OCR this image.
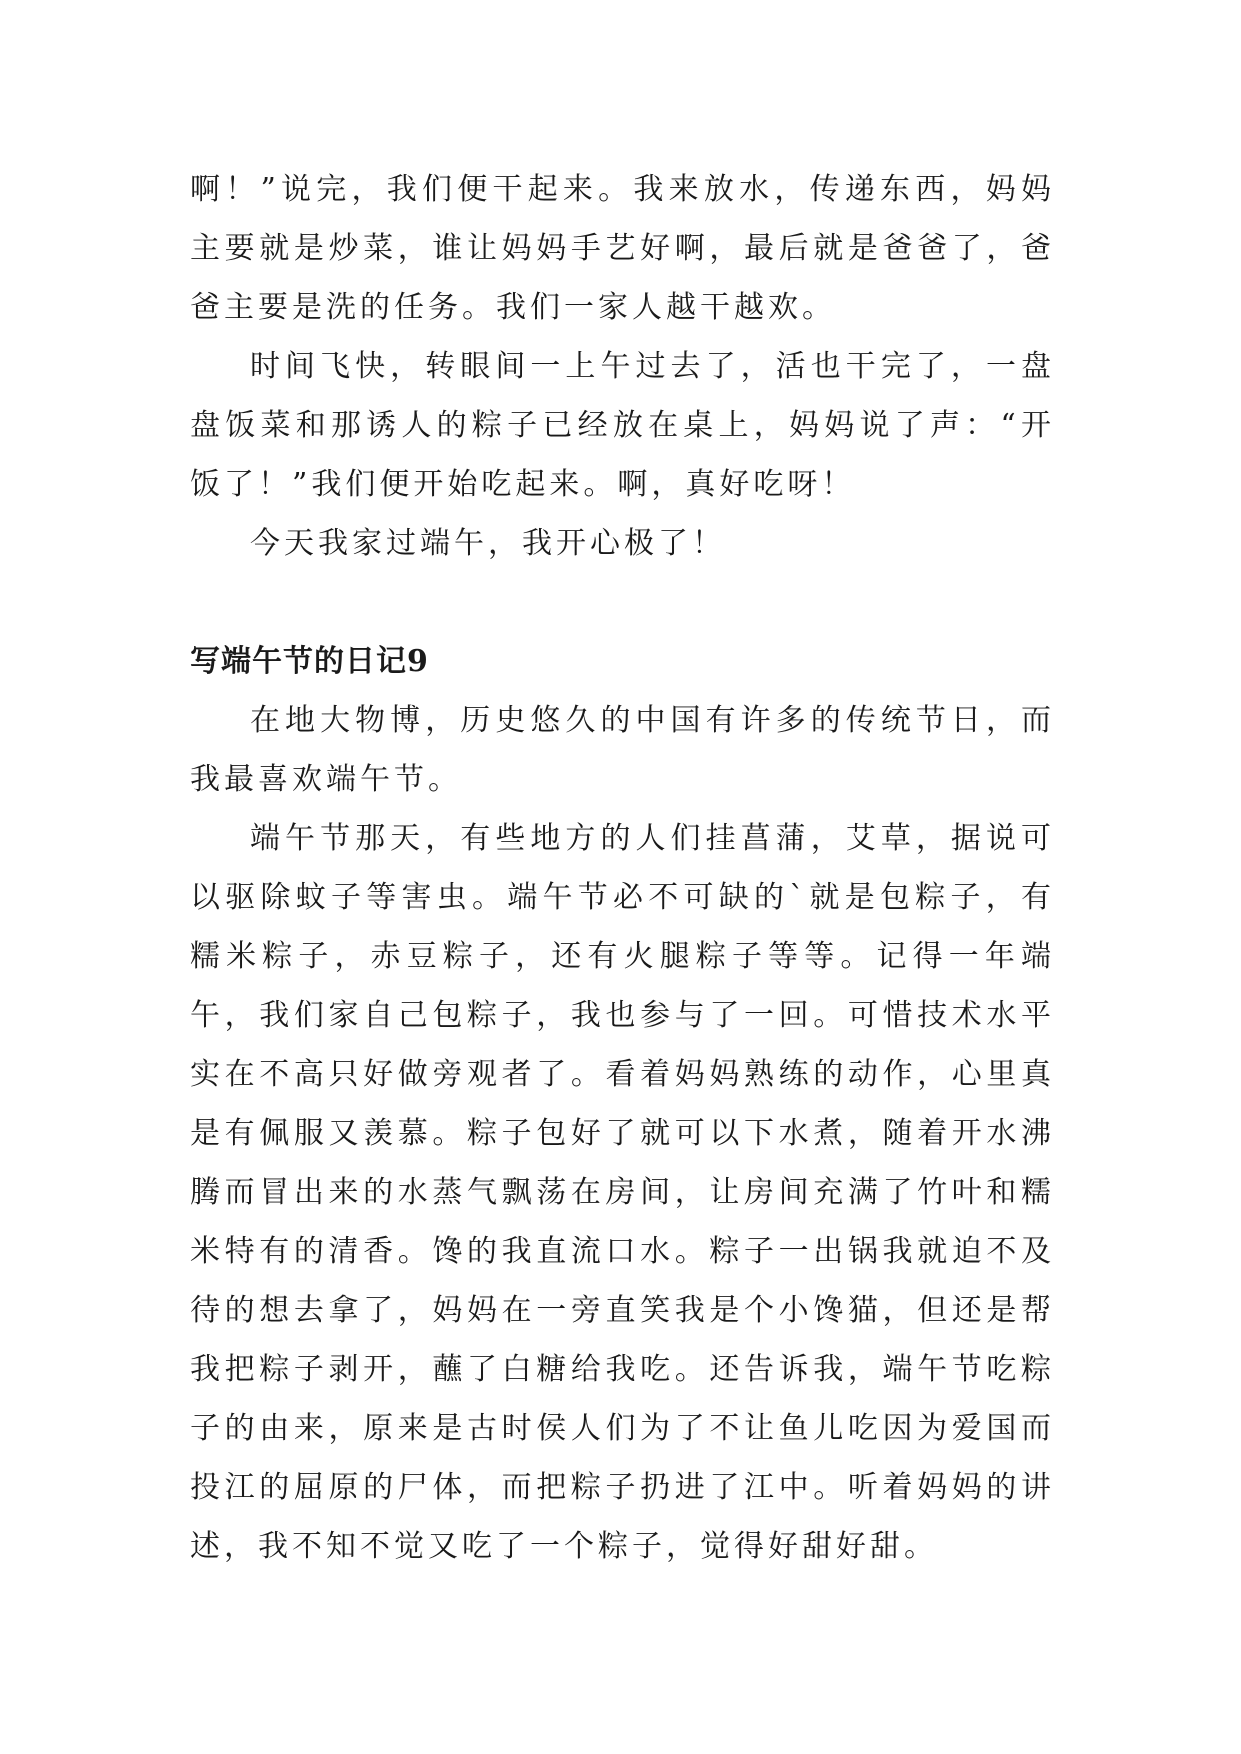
啊！”说完，我们便干起来。我来放水，传递东西，妈妈主要就是炒菜，谁让妈妈手艺好啊，最后就是爸爸了，爸爸主要是洗的任务。我们一家人越干越欢。

时间飞快，转眼间一上午过去了，活也干完了，一盘盘饭菜和那诱人的粽子已经放在桌上，妈妈说了声：“开饭了！”我们便开始吃起来。啊，真好吃呀！

今天我家过端午，我开心极了！

写端午节的日记9

在地大物博，历史悠久的中国有许多的传统节日，而我最喜欢端午节。

端午节那天，有些地方的人们挂菖蒲，艾草，据说可以驱除蚊子等害虫。端午节必不可缺的`就是包粽子，有糯米粽子，赤豆粽子，还有火腿粽子等等。记得一年端午，我们家自己包粽子，我也参与了一回。可惜技术水平实在不高只好做旁观者了。看着妈妈熟练的动作，心里真是有佩服又羡慕。粽子包好了就可以下水煮，随着开水沸腾而冒出来的水蒸气飘荡在房间，让房间充满了竹叶和糯米特有的清香。馋的我直流口水。粽子一出锅我就迫不及待的想去拿了，妈妈在一旁直笑我是个小馋猫，但还是帮我把粽子剥开，蘸了白糖给我吃。还告诉我，端午节吃粽子的由来，原来是古时侯人们为了不让鱼儿吃因为爱国而投江的屈原的尸体，而把粽子扔进了江中。听着妈妈的讲述，我不知不觉又吃了一个粽子，觉得好甜好甜。
